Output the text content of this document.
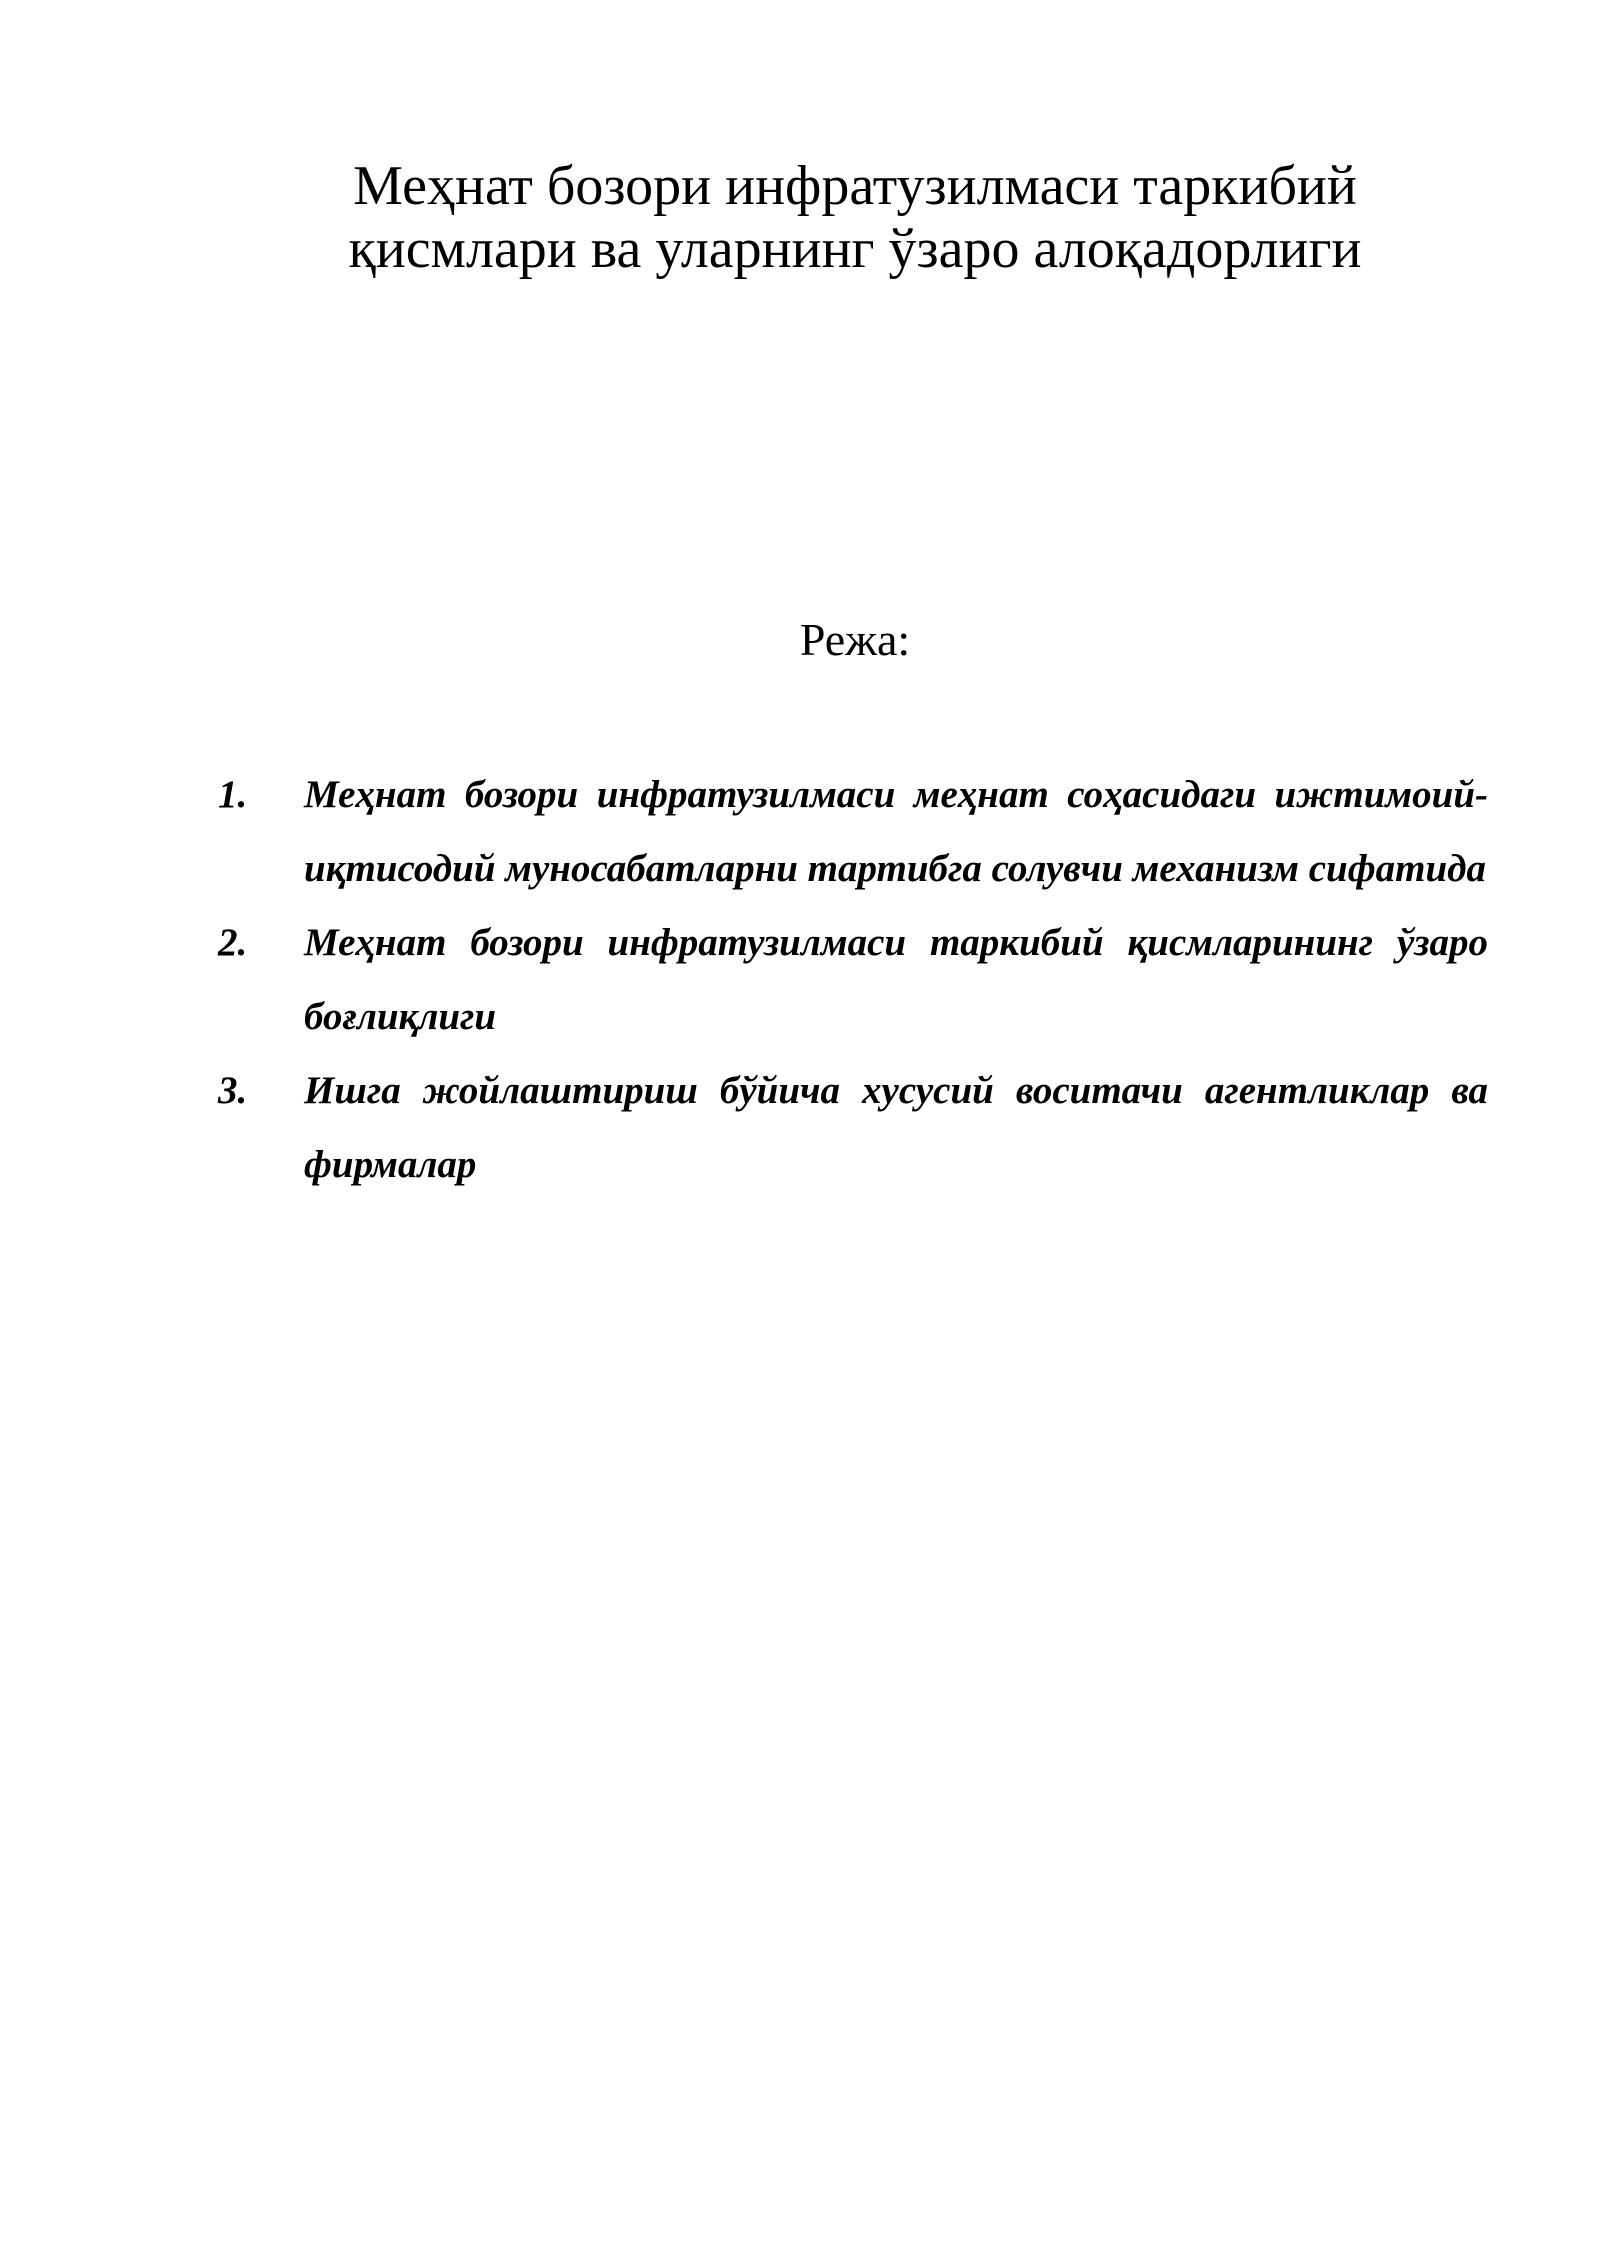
Меҳнат бозори инфратузилмаси таркибий
қисмлари ва уларнинг ўзаро алоқадорлиги
Режа:
1. Меҳнат бозори инфратузилмаси меҳнат соҳасидаги ижтимоий-иқтисодий муносабатларни тартибга солувчи механизм сифатида
2. Меҳнат бозори инфратузилмаси таркибий қисмларининг ўзаро боғлиқлиги
3. Ишга жойлаштириш бўйича хусусий воситачи агентликлар ва фирмалар
